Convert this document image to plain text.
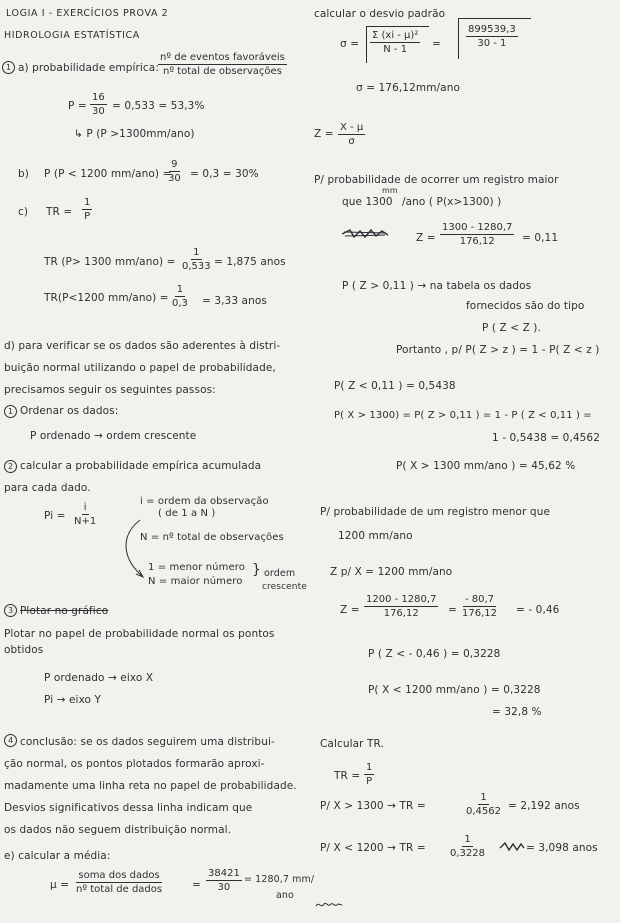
LOGIA I - EXERCÍCIOS PROVA 2
HIDROLOGIA ESTATÍSTICA
1 a) probabilidade empírica:
nº de eventos favoráveis
nº total de observações
$P = \frac{16}{30} = 0,533 = 53,3\%$
↳ P (P >1300mm/ano)
b) P (P < 1200 mm/ano) =
$\frac{9}{30} = 0,3 = 30\%$
c) TR = $\frac{1}{P}$
TR (P> 1300 $mm/ano) = \frac{1}{0,533} = 1,875$ anos
TR(P<1200 $mm/ano) = \frac{1}{0,3} = 3,33$ anos
d) para verificar se os dados são aderentes à distri-
buição normal utilizando o papel de probabilidade,
precisamos seguir os seguintes passos:
1 Ordenar os dados:
P ordenado → ordem crescente
2 calcular a probabilidade empírica acumulada
para cada dado.
$Pi = \frac{i}{N+1}$
i = ordem da observação
( de 1 a N )
N = nº total de observações
1 = menor número
N = maior número
} ordem
crescente
3 Plotar no gráfico
Plotar no papel de probabilidade normal os pontos
obtidos
P ordenado → eixo X
Pi → eixo Y
4 conclusão: se os dados seguirem uma distribui-
ção normal, os pontos plotados formarão aproxi-
madamente uma linha reta no papel de probabilidade.
Desvios significativos dessa linha indicam que
os dados não seguem distribuição normal.
e) calcular a média:
μ =
soma dos dados
nº total de dados	= $\frac{38421}{30} = 1280,7$ mm/
ano
calcular o desvio padrão
$\sigma = \frac{\text{Σ (xi - μ)²}}{N - 1}$ =	$\frac{899539,3}{30 - 1}$
σ = 176,12mm/ano
$Z = \frac{X - \mu}{\sigma}$
P/ probabilidade de ocorrer um registro maior
que 1300
mm
/ano ( P(x>1300) )
$Z = \frac{1300 - 1280,7}{176,12} = 0,11$
P ( Z > 0,11 ) → na tabela os dados
fornecidos são do tipo
P ( Z < Z ).
Portanto , p/ P( Z > z ) = 1 - P( Z < z )
P( Z < 0,11 ) = 0,5438
P( X > 1300) = P( Z > 0,11 ) = 1 - P ( Z < 0,11 ) =
1 - 0,5438 = 0,4562
P( X > 1300 mm/ano ) = 45,62 %
P/ probabilidade de um registro menor que
1200 mm/ano
Z p/ X = 1200 mm/ano
$Z = \frac{1200 - 1280,7}{176,12} = \frac{- 80,7}{176,12}$ = - 0,46
P ( Z < - 0,46 ) = 0,3228
P( X < 1200 mm/ano ) = 0,3228
= 32,8 %
Calcular TR.
TR = $\frac{1}{P}$
P/ X > 1300 → TR =	$\frac{1}{0,4562} = 2,192$ anos
P/ X < 1200 → TR = $\frac{1}{0,3228}$	= 3,098 anos
